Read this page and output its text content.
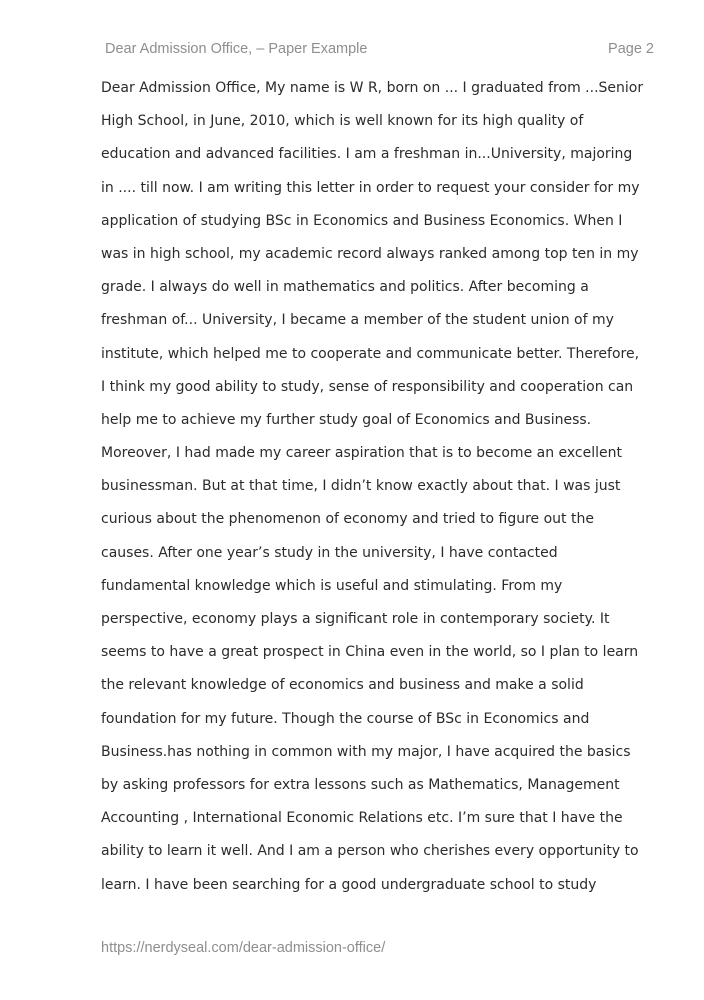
Dear Admission Office, – Paper Example	Page 2
Dear Admission Office, My name is W R, born on ... I graduated from ...Senior
High School, in June, 2010, which is well known for its high quality of
education and advanced facilities. I am a freshman in...University, majoring
in .... till now. I am writing this letter in order to request your consider for my
application of studying BSc in Economics and Business Economics. When I
was in high school, my academic record always ranked among top ten in my
grade. I always do well in mathematics and politics. After becoming a
freshman of... University, I became a member of the student union of my
institute, which helped me to cooperate and communicate better. Therefore,
I think my good ability to study, sense of responsibility and cooperation can
help me to achieve my further study goal of Economics and Business.
Moreover, I had made my career aspiration that is to become an excellent
businessman. But at that time, I didn’t know exactly about that. I was just
curious about the phenomenon of economy and tried to figure out the
causes. After one year’s study in the university, I have contacted
fundamental knowledge which is useful and stimulating. From my
perspective, economy plays a significant role in contemporary society. It
seems to have a great prospect in China even in the world, so I plan to learn
the relevant knowledge of economics and business and make a solid
foundation for my future. Though the course of BSc in Economics and
Business.has nothing in common with my major, I have acquired the basics
by asking professors for extra lessons such as Mathematics, Management
Accounting , International Economic Relations etc. I’m sure that I have the
ability to learn it well. And I am a person who cherishes every opportunity to
learn. I have been searching for a good undergraduate school to study
https://nerdyseal.com/dear-admission-office/
